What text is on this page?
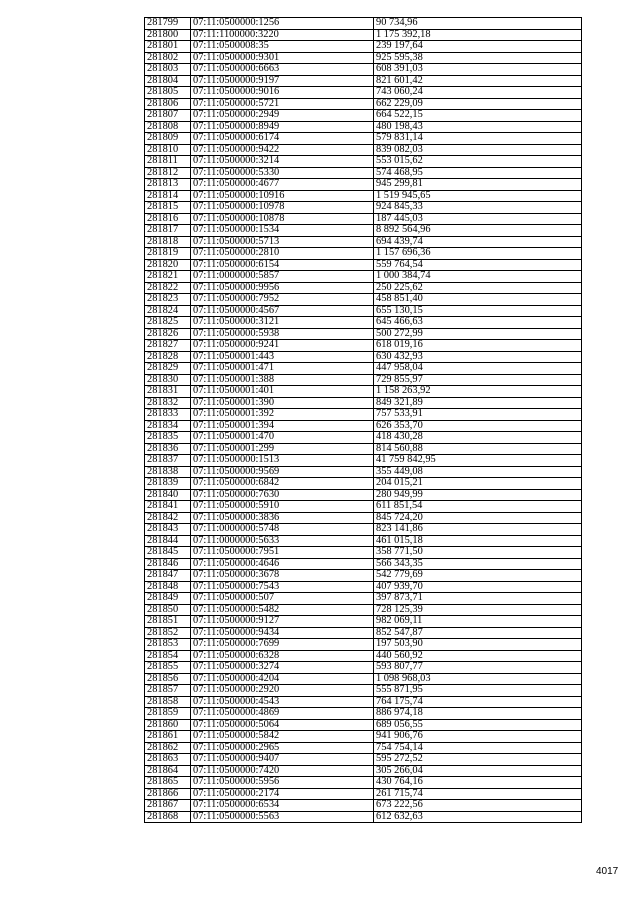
281799	07:11:0500000:1256	90 734,96
281800	07:11:1100000:3220	1 175 392,18
281801	07:11:0500008:35	239 197,64
281802	07:11:0500000:9301	925 595,38
281803	07:11:0500000:6663	608 391,03
281804	07:11:0500000:9197	821 601,42
281805	07:11:0500000:9016	743 060,24
281806	07:11:0500000:5721	662 229,09
281807	07:11:0500000:2949	664 522,15
281808	07:11:0500000:8949	480 198,43
281809	07:11:0500000:6174	579 831,14
281810	07:11:0500000:9422	839 082,03
281811	07:11:0500000:3214	553 015,62
281812	07:11:0500000:5330	574 468,95
281813	07:11:0500000:4677	945 299,81
281814	07:11:0500000:10916	1 519 945,65
281815	07:11:0500000:10978	924 845,33
281816	07:11:0500000:10878	187 445,03
281817	07:11:0500000:1534	8 892 564,96
281818	07:11:0500000:5713	694 439,74
281819	07:11:0500000:2810	1 157 696,36
281820	07:11:0500000:6154	559 764,54
281821	07:11:0000000:5857	1 000 384,74
281822	07:11:0500000:9956	250 225,62
281823	07:11:0500000:7952	458 851,40
281824	07:11:0500000:4567	655 130,15
281825	07:11:0500000:3121	645 466,63
281826	07:11:0500000:5938	500 272,99
281827	07:11:0500000:9241	618 019,16
281828	07:11:0500001:443	630 432,93
281829	07:11:0500001:471	447 958,04
281830	07:11:0500001:388	729 855,97
281831	07:11:0500001:401	1 158 263,92
281832	07:11:0500001:390	849 321,89
281833	07:11:0500001:392	757 533,91
281834	07:11:0500001:394	626 353,70
281835	07:11:0500001:470	418 430,28
281836	07:11:0500001:299	814 560,88
281837	07:11:0500000:1513	41 759 842,95
281838	07:11:0500000:9569	355 449,08
281839	07:11:0500000:6842	204 015,21
281840	07:11:0500000:7630	280 949,99
281841	07:11:0500000:5910	611 851,54
281842	07:11:0500000:3836	845 724,20
281843	07:11:0000000:5748	823 141,86
281844	07:11:0000000:5633	461 015,18
281845	07:11:0500000:7951	358 771,50
281846	07:11:0500000:4646	566 343,35
281847	07:11:0500000:3678	542 779,69
281848	07:11:0500000:7543	407 939,70
281849	07:11:0500000:507	397 873,71
281850	07:11:0500000:5482	728 125,39
281851	07:11:0500000:9127	982 069,11
281852	07:11:0500000:9434	852 547,87
281853	07:11:0500000:7699	197 503,90
281854	07:11:0500000:6328	440 560,92
281855	07:11:0500000:3274	593 807,77
281856	07:11:0500000:4204	1 098 968,03
281857	07:11:0500000:2920	555 871,95
281858	07:11:0500000:4543	764 175,74
281859	07:11:0500000:4869	886 974,18
281860	07:11:0500000:5064	689 056,55
281861	07:11:0500000:5842	941 906,76
281862	07:11:0500000:2965	754 754,14
281863	07:11:0500000:9407	595 272,52
281864	07:11:0500000:7420	305 266,04
281865	07:11:0500000:5956	430 764,16
281866	07:11:0500000:2174	261 715,74
281867	07:11:0500000:6534	673 222,56
281868	07:11:0500000:5563	612 632,63
4017
